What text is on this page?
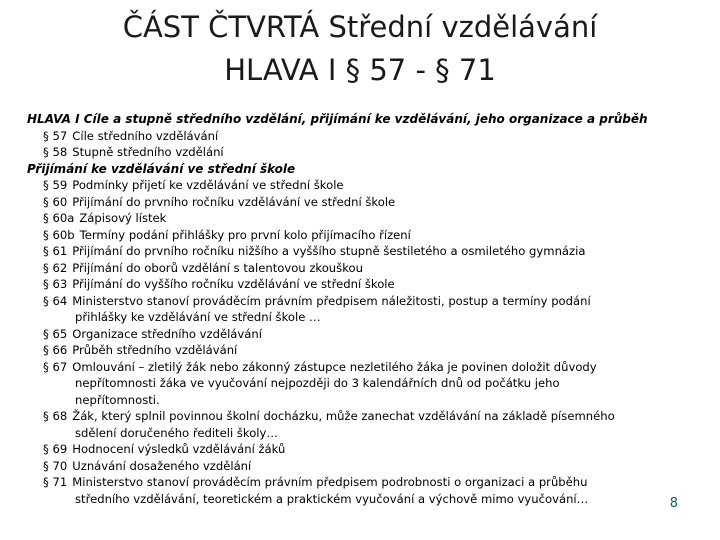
ČÁST ČTVRTÁ Střední vzdělávání
HLAVA I § 57 - § 71
HLAVA I Cíle a stupně středního vzdělání, přijímání ke vzdělávání, jeho organizace a průběh
§ 57 Cíle středního vzdělávání
§ 58 Stupně středního vzdělání
Přijímání ke vzdělávání ve střední škole
§ 59 Podmínky přijetí ke vzdělávání ve střední škole
§ 60 Přijímání do prvního ročníku vzdělávání ve střední škole
§ 60a Zápisový lístek
§ 60b Termíny podání přihlášky pro první kolo přijímacího řízení
§ 61 Přijímání do prvního ročníku nižšího a vyššího stupně šestiletého a osmiletého gymnázia
§ 62 Přijímání do oborů vzdělání s talentovou zkouškou
§ 63 Přijímání do vyššího ročníku vzdělávání ve střední škole
§ 64 Ministerstvo stanoví prováděcím právním předpisem náležitosti, postup a termíny podání
přihlášky ke vzdělávání ve střední škole …
§ 65 Organizace středního vzdělávání
§ 66 Průběh středního vzdělávání
§ 67 Omlouvání – zletilý žák nebo zákonný zástupce nezletilého žáka je povinen doložit důvody
nepřítomnosti žáka ve vyučování nejpozději do 3 kalendářních dnů od počátku jeho
nepřítomnosti.
§ 68 Žák, který splnil povinnou školní docházku, může zanechat vzdělávání na základě písemného
sdělení doručeného řediteli školy…
§ 69 Hodnocení výsledků vzdělávání žáků
§ 70 Uznávání dosaženého vzdělání
§ 71 Ministerstvo stanoví prováděcím právním předpisem podrobnosti o organizaci a průběhu
středního vzdělávání, teoretickém a praktickém vyučování a výchově mimo vyučování…	8
